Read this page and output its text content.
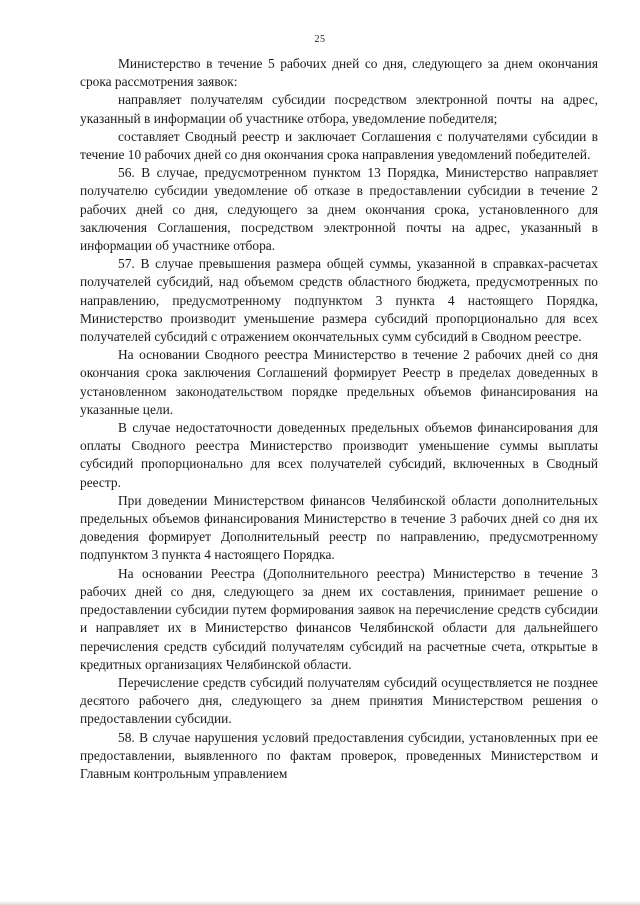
25

Министерство в течение 5 рабочих дней со дня, следующего за днем окончания срока рассмотрения заявок:

направляет получателям субсидии посредством электронной почты на адрес, указанный в информации об участнике отбора, уведомление победителя;

составляет Сводный реестр и заключает Соглашения с получателями субсидии в течение 10 рабочих дней со дня окончания срока направления уведомлений победителей.

56. В случае, предусмотренном пунктом 13 Порядка, Министерство направляет получателю субсидии уведомление об отказе в предоставлении субсидии в течение 2 рабочих дней со дня, следующего за днем окончания срока, установленного для заключения Соглашения, посредством электронной почты на адрес, указанный в информации об участнике отбора.

57. В случае превышения размера общей суммы, указанной в справках-расчетах получателей субсидий, над объемом средств областного бюджета, предусмотренных по направлению, предусмотренному подпунктом 3 пункта 4 настоящего Порядка, Министерство производит уменьшение размера субсидий пропорционально для всех получателей субсидий с отражением окончательных сумм субсидий в Сводном реестре.

На основании Сводного реестра Министерство в течение 2 рабочих дней со дня окончания срока заключения Соглашений формирует Реестр в пределах доведенных в установленном законодательством порядке предельных объемов финансирования на указанные цели.

В случае недостаточности доведенных предельных объемов финансирования для оплаты Сводного реестра Министерство производит уменьшение суммы выплаты субсидий пропорционально для всех получателей субсидий, включенных в Сводный реестр.

При доведении Министерством финансов Челябинской области дополнительных предельных объемов финансирования Министерство в течение 3 рабочих дней со дня их доведения формирует Дополнительный реестр по направлению, предусмотренному подпунктом 3 пункта 4 настоящего Порядка.

На основании Реестра (Дополнительного реестра) Министерство в течение 3 рабочих дней со дня, следующего за днем их составления, принимает решение о предоставлении субсидии путем формирования заявок на перечисление средств субсидии и направляет их в Министерство финансов Челябинской области для дальнейшего перечисления средств субсидий получателям субсидий на расчетные счета, открытые в кредитных организациях Челябинской области.

Перечисление средств субсидий получателям субсидий осуществляется не позднее десятого рабочего дня, следующего за днем принятия Министерством решения о предоставлении субсидии.

58. В случае нарушения условий предоставления субсидии, установленных при ее предоставлении, выявленного по фактам проверок, проведенных Министерством и Главным контрольным управлением
